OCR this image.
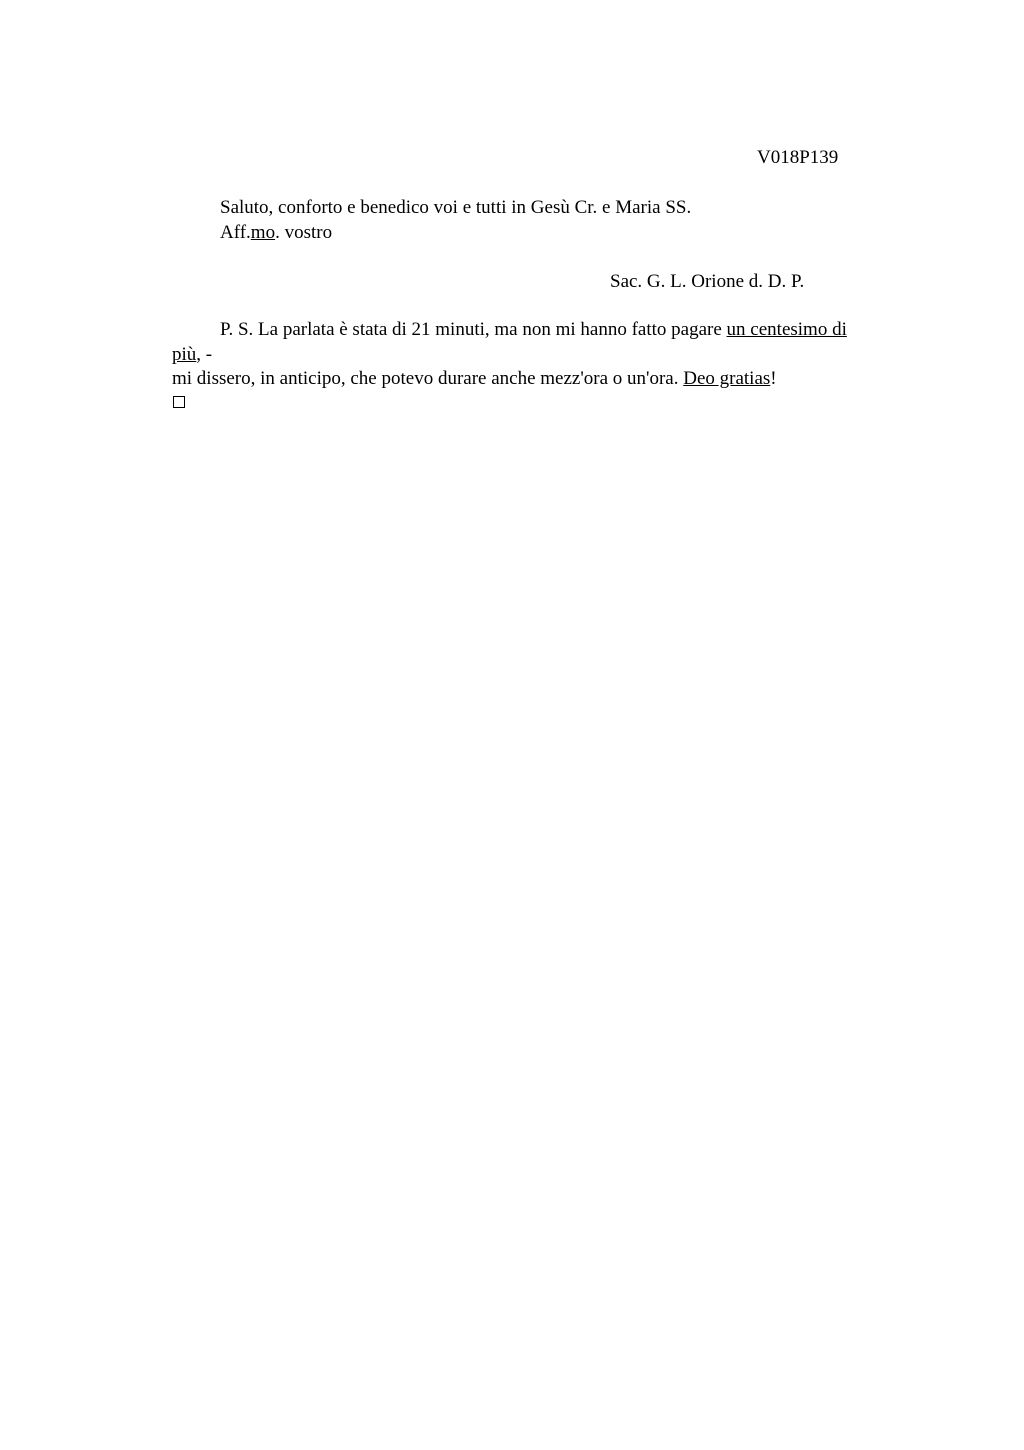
V018P139
Saluto, conforto e benedico voi e tutti in Gesù Cr. e Maria SS.
Aff.mo. vostro
Sac. G. L. Orione d. D. P.
P. S. La parlata è stata di 21 minuti, ma non mi hanno fatto pagare un centesimo di
più, -
mi dissero, in anticipo, che potevo durare anche mezz'ora o un'ora. Deo gratias!
